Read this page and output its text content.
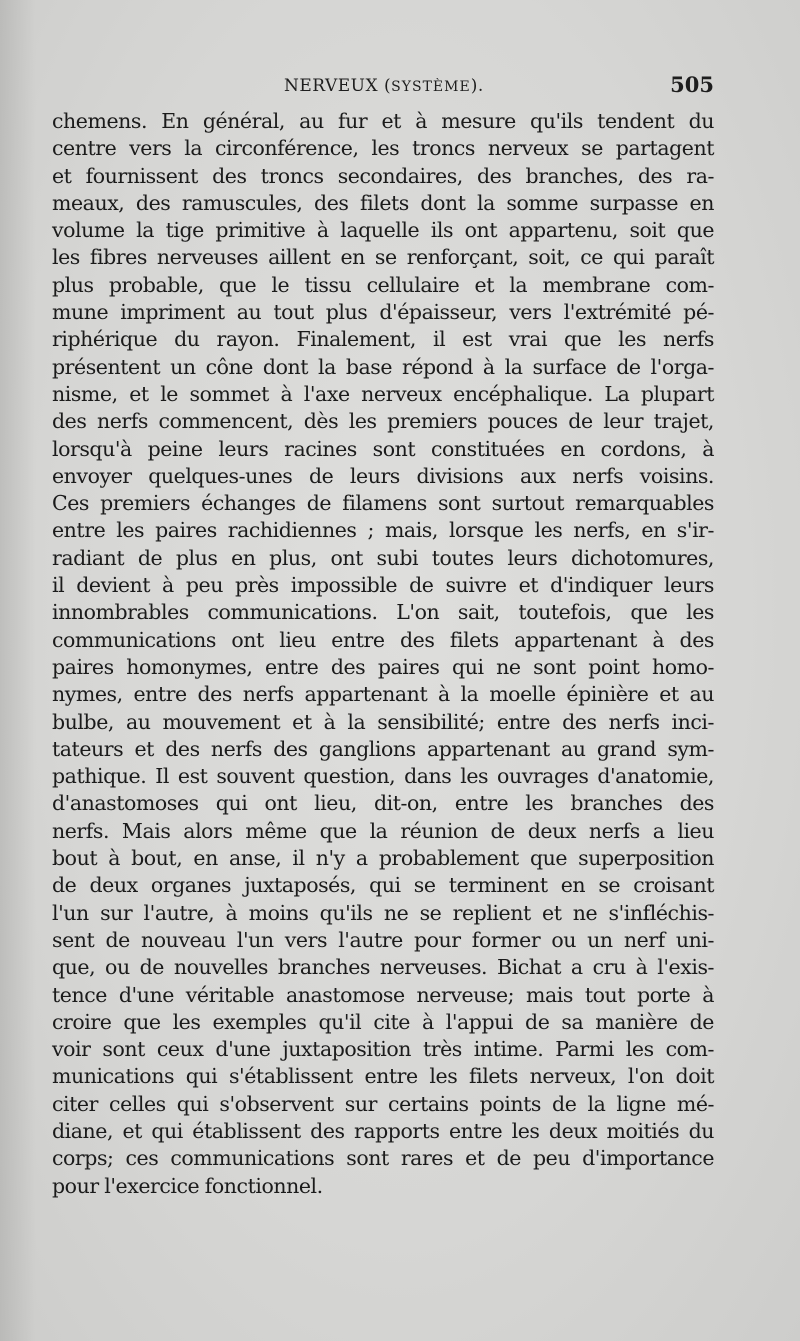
NERVEUX (SYSTÈME).	505
chemens. En général, au fur et à mesure qu'ils tendent du
centre vers la circonférence, les troncs nerveux se partagent
et fournissent des troncs secondaires, des branches, des ra-
meaux, des ramuscules, des filets dont la somme surpasse en
volume la tige primitive à laquelle ils ont appartenu, soit que
les fibres nerveuses aillent en se renforçant, soit, ce qui paraît
plus probable, que le tissu cellulaire et la membrane com-
mune impriment au tout plus d'épaisseur, vers l'extrémité pé-
riphérique du rayon. Finalement, il est vrai que les nerfs
présentent un cône dont la base répond à la surface de l'orga-
nisme, et le sommet à l'axe nerveux encéphalique. La plupart
des nerfs commencent, dès les premiers pouces de leur trajet,
lorsqu'à peine leurs racines sont constituées en cordons, à
envoyer quelques-unes de leurs divisions aux nerfs voisins.
Ces premiers échanges de filamens sont surtout remarquables
entre les paires rachidiennes ; mais, lorsque les nerfs, en s'ir-
radiant de plus en plus, ont subi toutes leurs dichotomures,
il devient à peu près impossible de suivre et d'indiquer leurs
innombrables communications. L'on sait, toutefois, que les
communications ont lieu entre des filets appartenant à des
paires homonymes, entre des paires qui ne sont point homo-
nymes, entre des nerfs appartenant à la moelle épinière et au
bulbe, au mouvement et à la sensibilité; entre des nerfs inci-
tateurs et des nerfs des ganglions appartenant au grand sym-
pathique. Il est souvent question, dans les ouvrages d'anatomie,
d'anastomoses qui ont lieu, dit-on, entre les branches des
nerfs. Mais alors même que la réunion de deux nerfs a lieu
bout à bout, en anse, il n'y a probablement que superposition
de deux organes juxtaposés, qui se terminent en se croisant
l'un sur l'autre, à moins qu'ils ne se replient et ne s'infléchis-
sent de nouveau l'un vers l'autre pour former ou un nerf uni-
que, ou de nouvelles branches nerveuses. Bichat a cru à l'exis-
tence d'une véritable anastomose nerveuse; mais tout porte à
croire que les exemples qu'il cite à l'appui de sa manière de
voir sont ceux d'une juxtaposition très intime. Parmi les com-
munications qui s'établissent entre les filets nerveux, l'on doit
citer celles qui s'observent sur certains points de la ligne mé-
diane, et qui établissent des rapports entre les deux moitiés du
corps; ces communications sont rares et de peu d'importance
pour l'exercice fonctionnel.
